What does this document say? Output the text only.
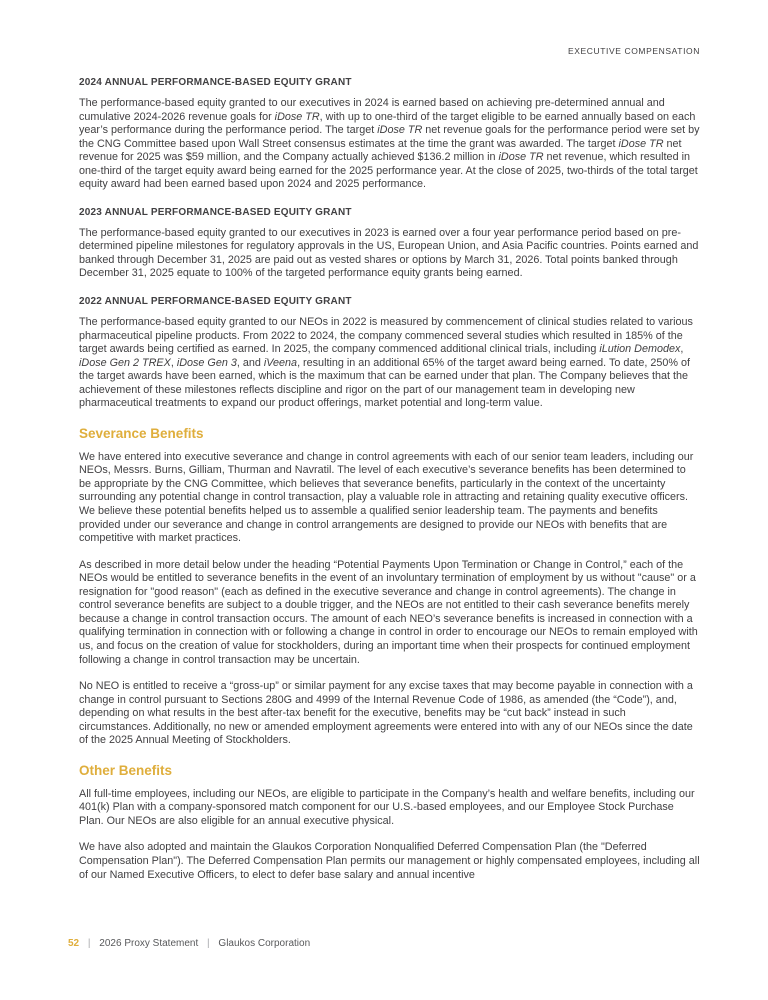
EXECUTIVE COMPENSATION
2024 ANNUAL PERFORMANCE-BASED EQUITY GRANT

The performance-based equity granted to our executives in 2024 is earned based on achieving pre-determined annual and cumulative 2024-2026 revenue goals for iDose TR, with up to one-third of the target eligible to be earned annually based on each year’s performance during the performance period. The target iDose TR net revenue goals for the performance period were set by the CNG Committee based upon Wall Street consensus estimates at the time the grant was awarded. The target iDose TR net revenue for 2025 was $59 million, and the Company actually achieved $136.2 million in iDose TR net revenue, which resulted in one-third of the target equity award being earned for the 2025 performance year. At the close of 2025, two-thirds of the total target equity award had been earned based upon 2024 and 2025 performance.

2023 ANNUAL PERFORMANCE-BASED EQUITY GRANT

The performance-based equity granted to our executives in 2023 is earned over a four year performance period based on pre-determined pipeline milestones for regulatory approvals in the US, European Union, and Asia Pacific countries. Points earned and banked through December 31, 2025 are paid out as vested shares or options by March 31, 2026. Total points banked through December 31, 2025 equate to 100% of the targeted performance equity grants being earned.

2022 ANNUAL PERFORMANCE-BASED EQUITY GRANT

The performance-based equity granted to our NEOs in 2022 is measured by commencement of clinical studies related to various pharmaceutical pipeline products. From 2022 to 2024, the company commenced several studies which resulted in 185% of the target awards being certified as earned. In 2025, the company commenced additional clinical trials, including iLution Demodex, iDose Gen 2 TREX, iDose Gen 3, and iVeena, resulting in an additional 65% of the target award being earned. To date, 250% of the target awards have been earned, which is the maximum that can be earned under that plan. The Company believes that the achievement of these milestones reflects discipline and rigor on the part of our management team in developing new pharmaceutical treatments to expand our product offerings, market potential and long-term value.

Severance Benefits

We have entered into executive severance and change in control agreements with each of our senior team leaders, including our NEOs, Messrs. Burns, Gilliam, Thurman and Navratil. The level of each executive’s severance benefits has been determined to be appropriate by the CNG Committee, which believes that severance benefits, particularly in the context of the uncertainty surrounding any potential change in control transaction, play a valuable role in attracting and retaining quality executive officers. We believe these potential benefits helped us to assemble a qualified senior leadership team. The payments and benefits provided under our severance and change in control arrangements are designed to provide our NEOs with benefits that are competitive with market practices.

As described in more detail below under the heading “Potential Payments Upon Termination or Change in Control,” each of the NEOs would be entitled to severance benefits in the event of an involuntary termination of employment by us without "cause" or a resignation for "good reason" (each as defined in the executive severance and change in control agreements). The change in control severance benefits are subject to a double trigger, and the NEOs are not entitled to their cash severance benefits merely because a change in control transaction occurs. The amount of each NEO’s severance benefits is increased in connection with a qualifying termination in connection with or following a change in control in order to encourage our NEOs to remain employed with us, and focus on the creation of value for stockholders, during an important time when their prospects for continued employment following a change in control transaction may be uncertain.

No NEO is entitled to receive a “gross-up” or similar payment for any excise taxes that may become payable in connection with a change in control pursuant to Sections 280G and 4999 of the Internal Revenue Code of 1986, as amended (the “Code”), and, depending on what results in the best after-tax benefit for the executive, benefits may be “cut back” instead in such circumstances. Additionally, no new or amended employment agreements were entered into with any of our NEOs since the date of the 2025 Annual Meeting of Stockholders.

Other Benefits

All full-time employees, including our NEOs, are eligible to participate in the Company’s health and welfare benefits, including our 401(k) Plan with a company-sponsored match component for our U.S.-based employees, and our Employee Stock Purchase Plan. Our NEOs are also eligible for an annual executive physical.

We have also adopted and maintain the Glaukos Corporation Nonqualified Deferred Compensation Plan (the "Deferred Compensation Plan"). The Deferred Compensation Plan permits our management or highly compensated employees, including all of our Named Executive Officers, to elect to defer base salary and annual incentive

52 | 2026 Proxy Statement | Glaukos Corporation
